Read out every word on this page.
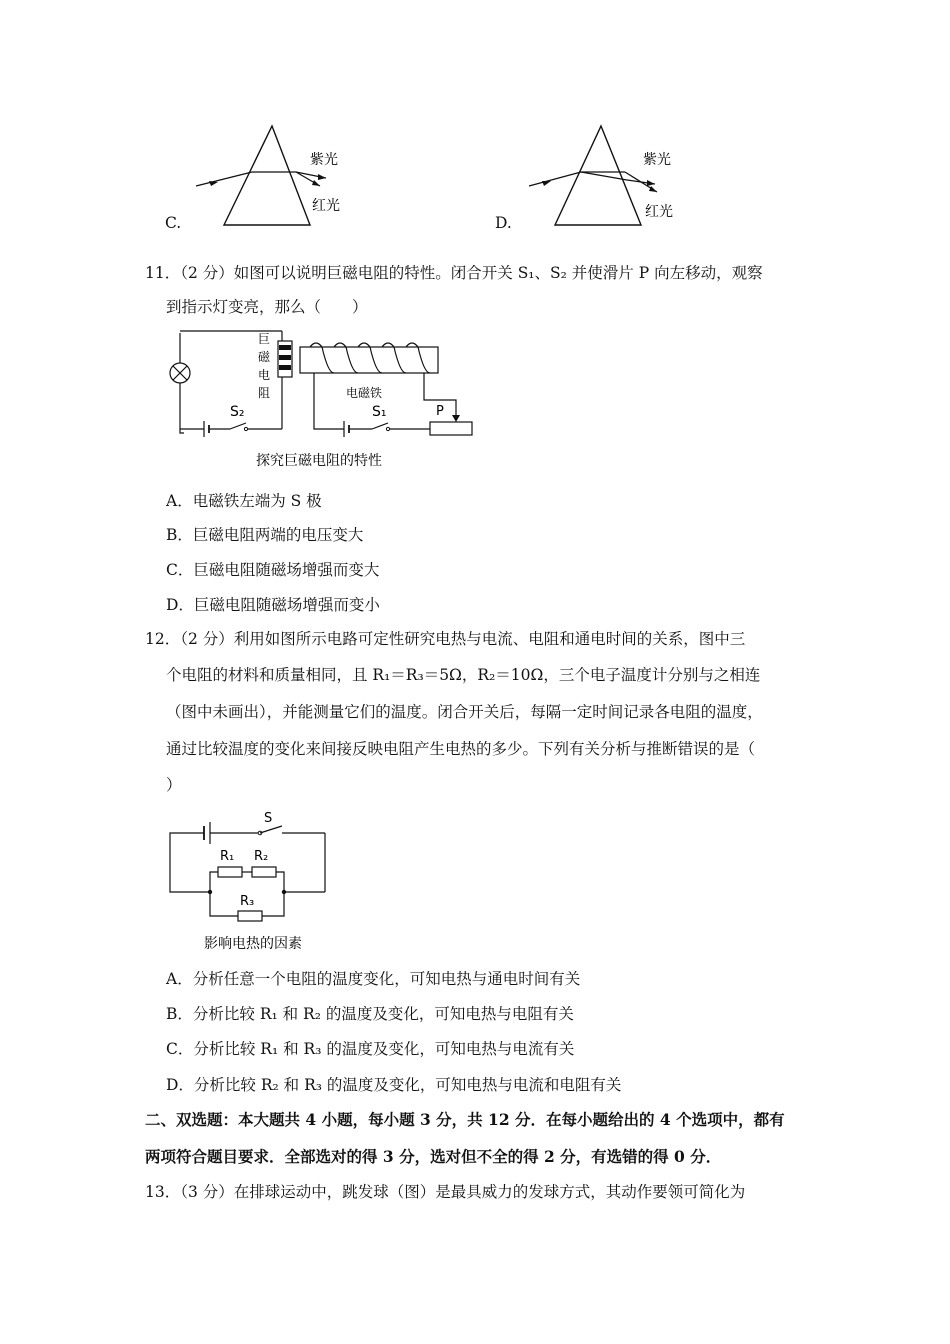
C.
紫光
红光
D.
紫光
红光
11．（2 分）如图可以说明巨磁电阻的特性。闭合开关 S₁、S₂ 并使滑片 P 向左移动，观察
到指示灯变亮，那么（　　）
S₂
巨
磁
电
阻	电磁铁
S₁	P
探究巨磁电阻的特性
A．电磁铁左端为 S 极
B．巨磁电阻两端的电压变大
C．巨磁电阻随磁场增强而变大
D．巨磁电阻随磁场增强而变小
12．（2 分）利用如图所示电路可定性研究电热与电流、电阻和通电时间的关系，图中三
个电阻的材料和质量相同，且 R₁＝R₃＝5Ω，R₂＝10Ω，三个电子温度计分别与之相连
（图中未画出），并能测量它们的温度。闭合开关后，每隔一定时间记录各电阻的温度，
通过比较温度的变化来间接反映电阻产生电热的多少。下列有关分析与推断错误的是（
）
S
R₁ R₂
R₃
影响电热的因素
A．分析任意一个电阻的温度变化，可知电热与通电时间有关
B．分析比较 R₁ 和 R₂ 的温度及变化，可知电热与电阻有关
C．分析比较 R₁ 和 R₃ 的温度及变化，可知电热与电流有关
D．分析比较 R₂ 和 R₃ 的温度及变化，可知电热与电流和电阻有关
二、双选题：本大题共 4 小题，每小题 3 分，共 12 分．在每小题给出的 4 个选项中，都有
两项符合题目要求．全部选对的得 3 分，选对但不全的得 2 分，有选错的得 0 分．
13．（3 分）在排球运动中，跳发球（图）是最具威力的发球方式，其动作要领可简化为
